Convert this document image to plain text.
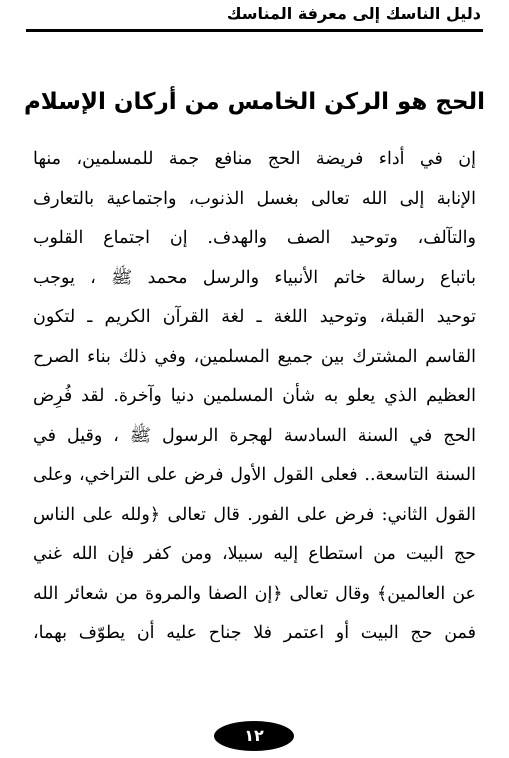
دليل الناسك إلى معرفة المناسك
الحج هو الركن الخامس من أركان الإسلام
إن في أداء فريضة الحج منافع جمة للمسلمين، منها
الإنابة إلى الله تعالى بغسل الذنوب، واجتماعية بالتعارف
والتآلف، وتوحيد الصف والهدف. إن اجتماع القلوب
باتباع رسالة خاتم الأنبياء والرسل محمد ﷺ ، يوجب
توحيد القبلة، وتوحيد اللغة ـ لغة القرآن الكريم ـ لتكون
القاسم المشترك بين جميع المسلمين، وفي ذلك بناء الصرح
العظيم الذي يعلو به شأن المسلمين دنيا وآخرة. لقد فُرِض
الحج في السنة السادسة لهجرة الرسول ﷺ ، وقيل في
السنة التاسعة.. فعلى القول الأول فرض على التراخي، وعلى
القول الثاني: فرض على الفور. قال تعالى ﴿ولله على الناس
حج البيت من استطاع إليه سبيلا، ومن كفر فإن الله غني
عن العالمين﴾ وقال تعالى ﴿إن الصفا والمروة من شعائر الله
فمن حج البيت أو اعتمر فلا جناح عليه أن يطوّف بهما،
١٢
